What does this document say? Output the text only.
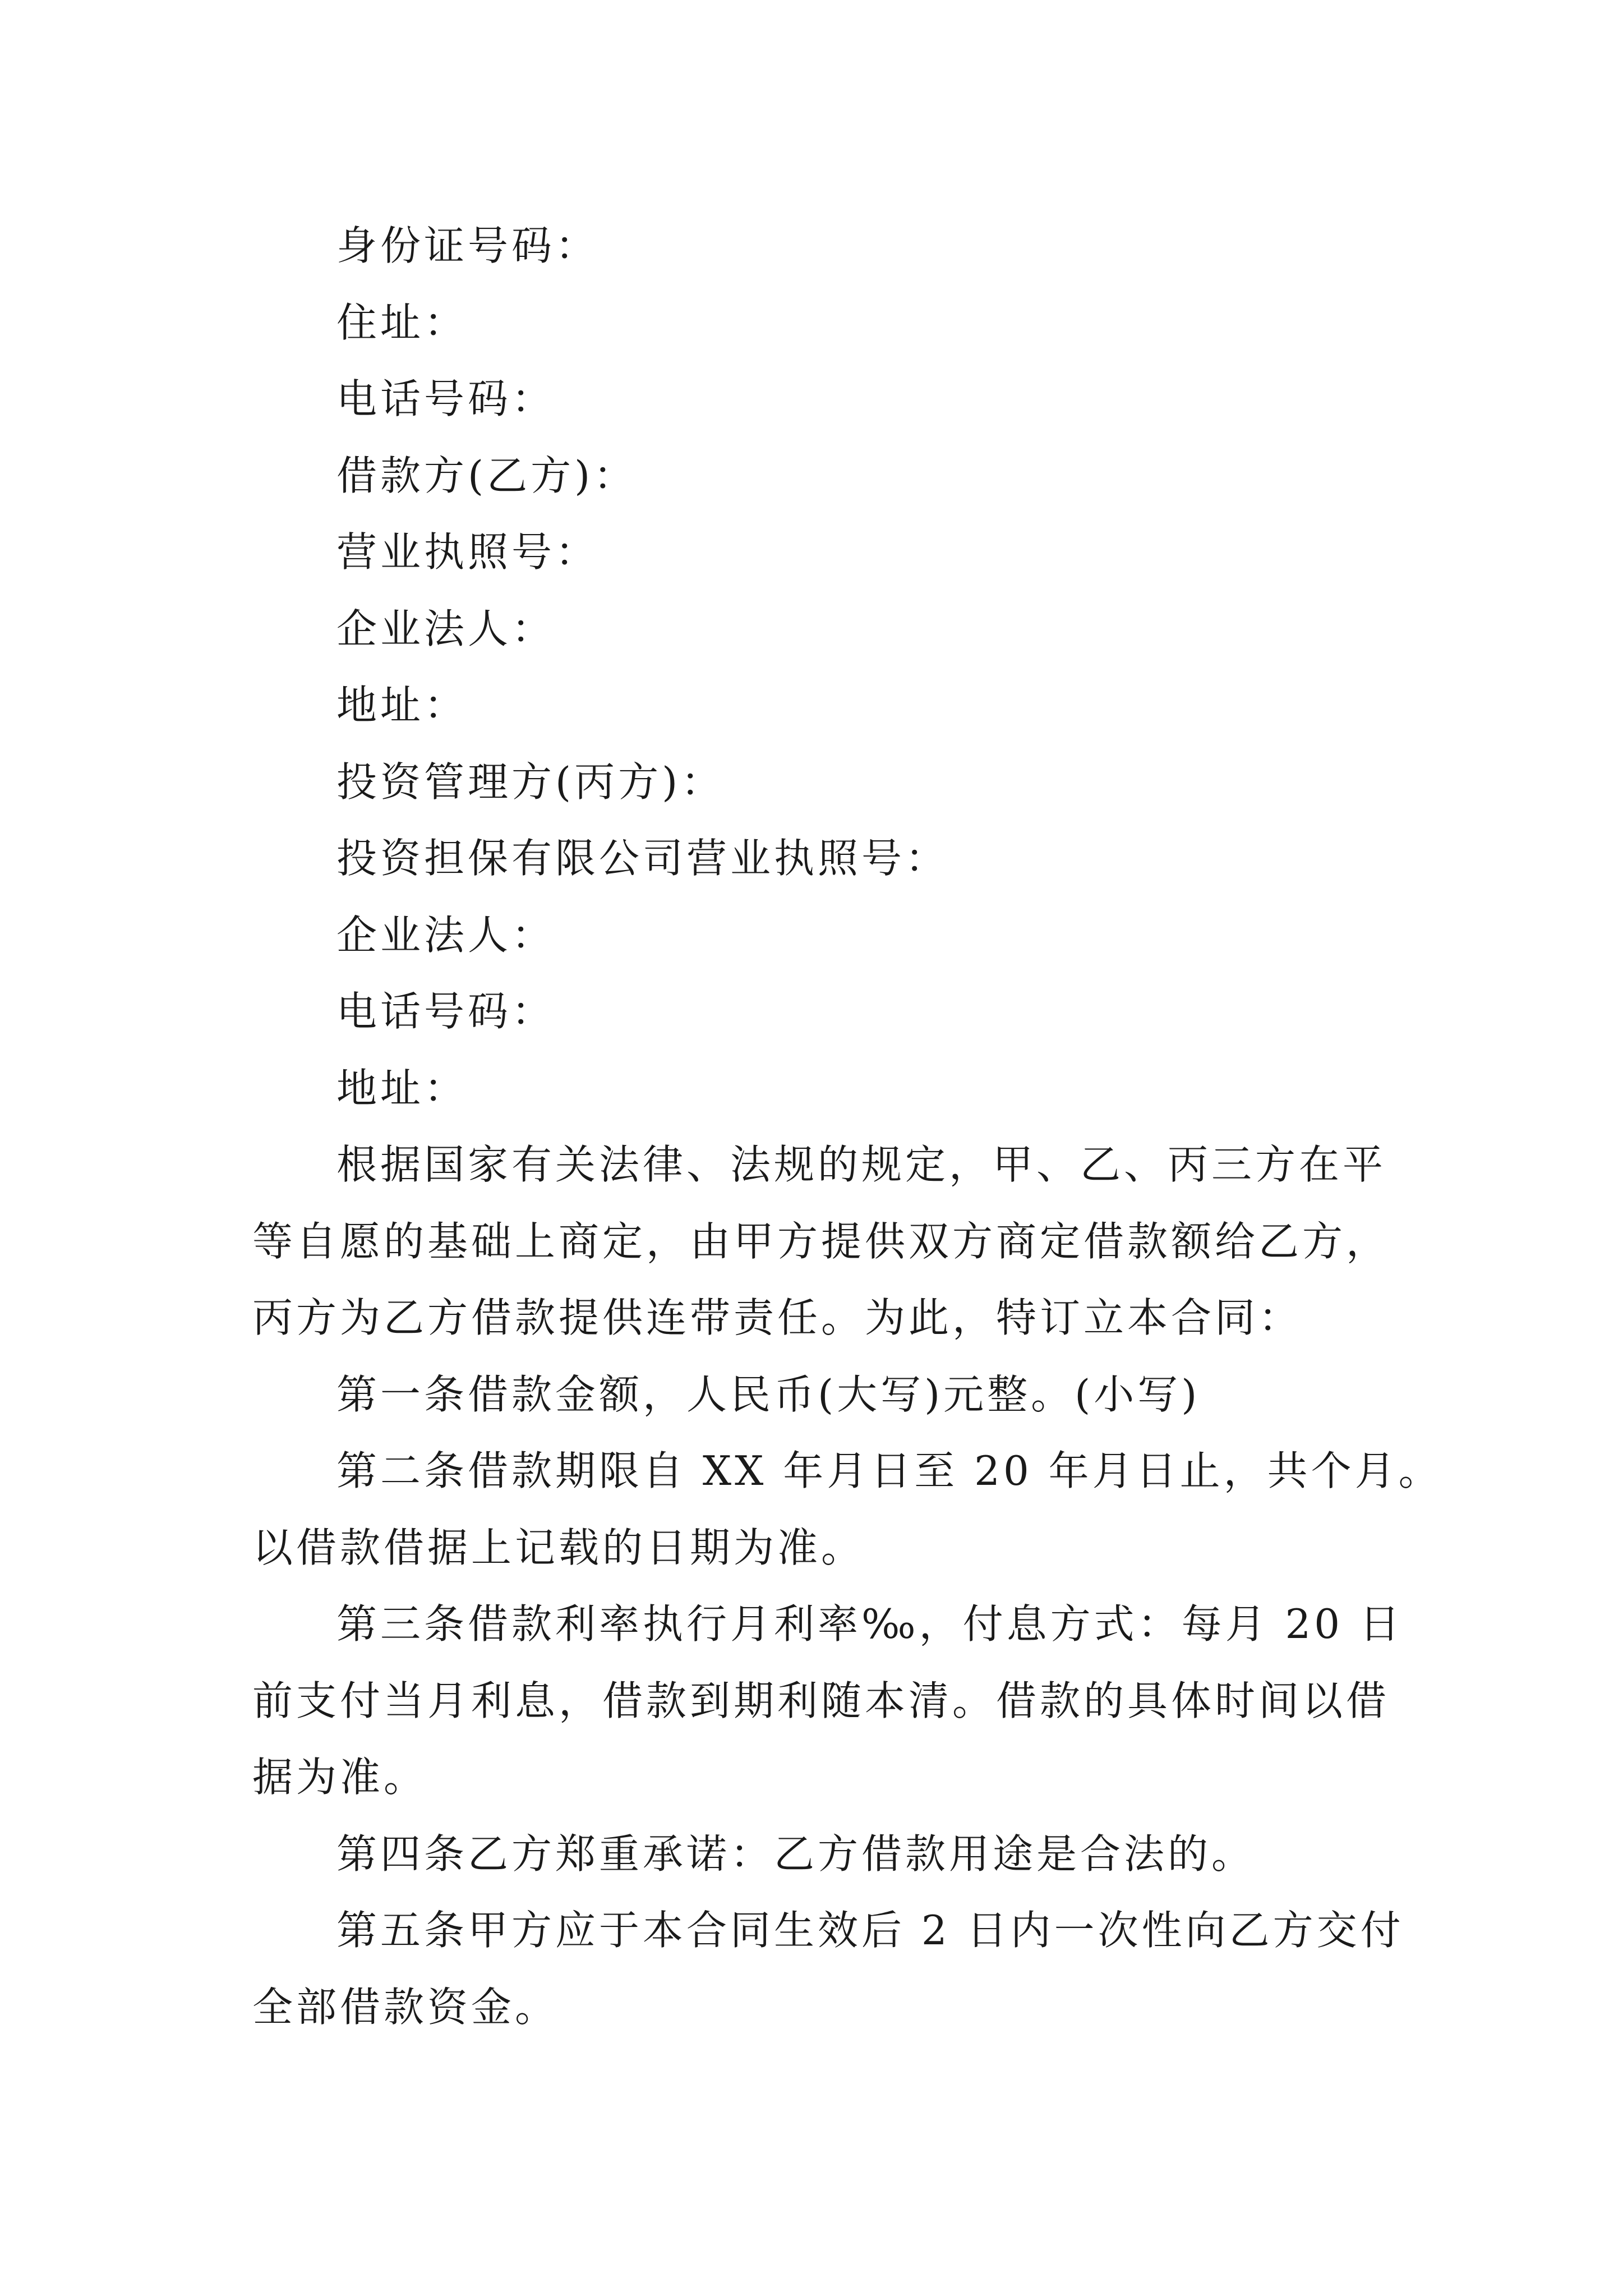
身份证号码：

住址：

电话号码：

借款方(乙方)：

营业执照号：

企业法人：

地址：

投资管理方(丙方)：

投资担保有限公司营业执照号：

企业法人：

电话号码：

地址：

根据国家有关法律、法规的规定，甲、乙、丙三方在平

等自愿的基础上商定，由甲方提供双方商定借款额给乙方，

丙方为乙方借款提供连带责任。为此，特订立本合同：

第一条借款金额，人民币(大写)元整。(小写)

第二条借款期限自 XX 年月日至 20 年月日止，共个月。

以借款借据上记载的日期为准。

第三条借款利率执行月利率‰，付息方式：每月 20 日

前支付当月利息，借款到期利随本清。借款的具体时间以借

据为准。

第四条乙方郑重承诺：乙方借款用途是合法的。

第五条甲方应于本合同生效后 2 日内一次性向乙方交付

全部借款资金。
